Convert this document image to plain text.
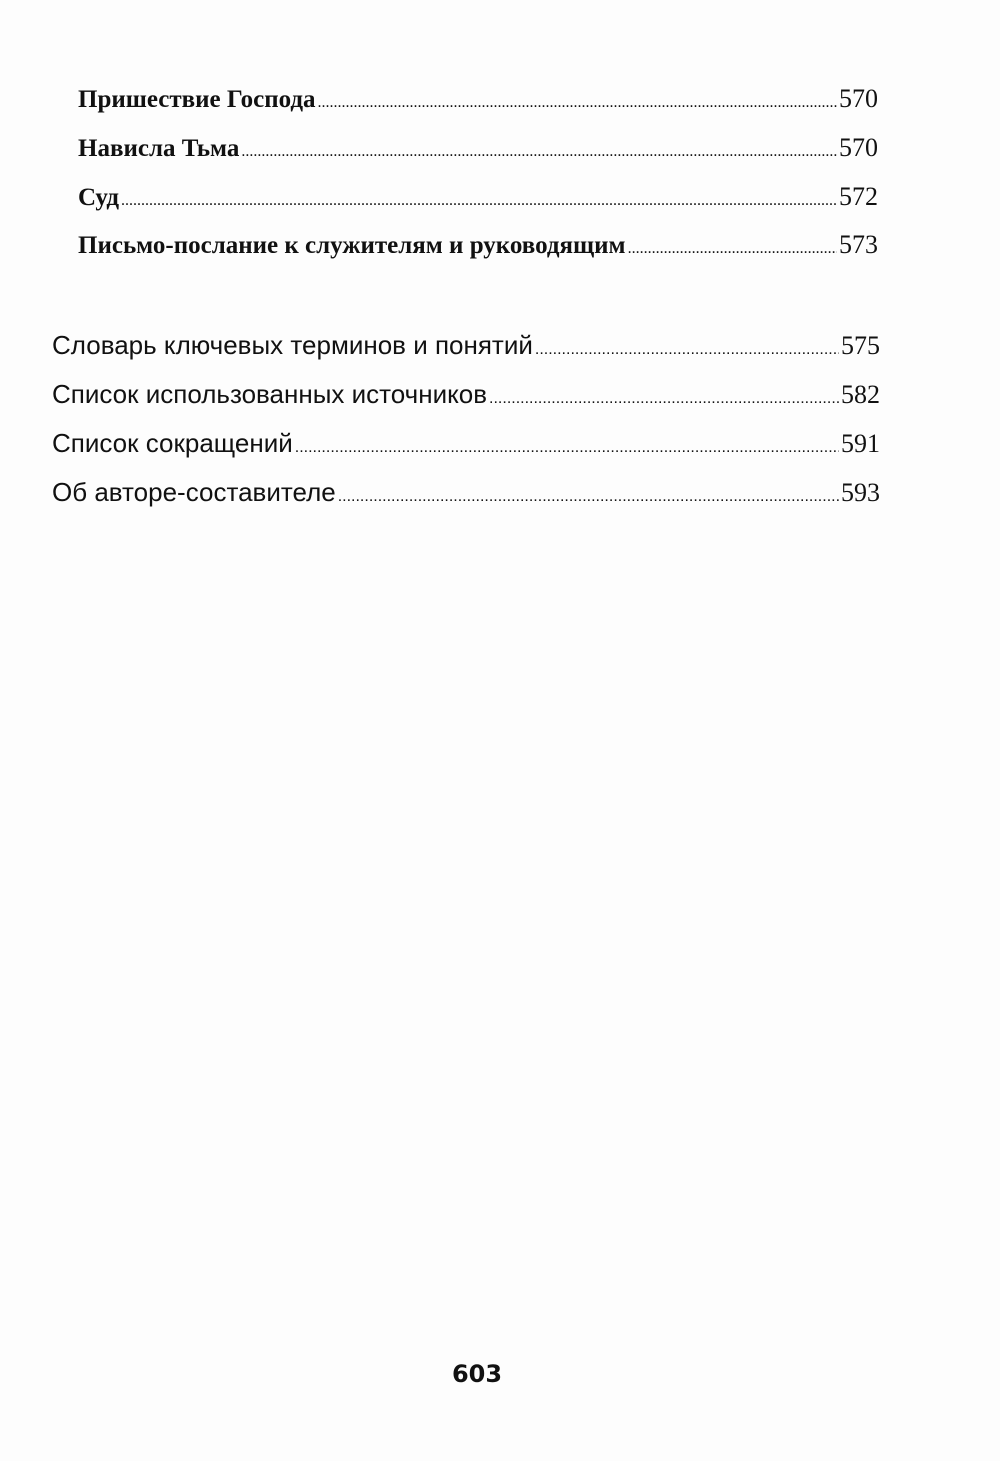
Пришествие Господа .....	570
Нависла Тьма .....	570
Суд .....	572
Письмо-послание к служителям и руководящим .....	573
Словарь ключевых терминов и понятий .....	575
Список использованных источников .....	582
Список сокращений .....	591
Об авторе-составителе .....	593
603
